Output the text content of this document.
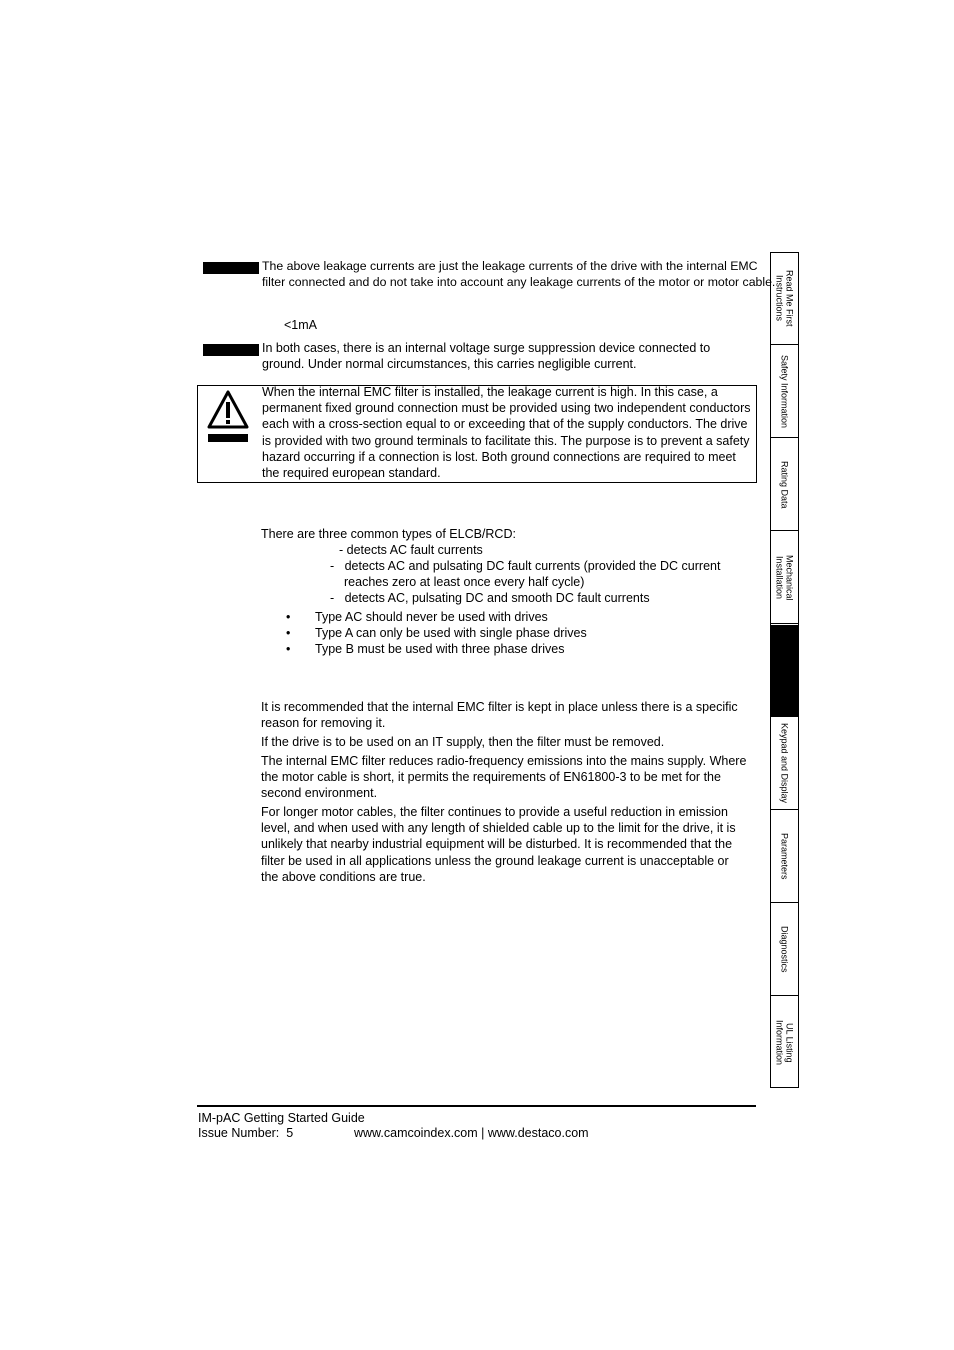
The above leakage currents are just the leakage currents of the drive with the internal EMC
filter connected and do not take into account any leakage currents of the motor or motor cable.
<1mA
In both cases, there is an internal voltage surge suppression device connected to
ground. Under normal circumstances, this carries negligible current.
When the internal EMC filter is installed, the leakage current is high. In this case, a
permanent fixed ground connection must be provided using two independent conductors
each with a cross-section equal to or exceeding that of the supply conductors. The drive
is provided with two ground terminals to facilitate this. The purpose is to prevent a safety
hazard occurring if a connection is lost. Both ground connections are required to meet
the required european standard.
There are three common types of ELCB/RCD:
- detects AC fault currents
-   detects AC and pulsating DC fault currents (provided the DC current
reaches zero at least once every half cycle)
-   detects AC, pulsating DC and smooth DC fault currents
• Type AC should never be used with drives
• Type A can only be used with single phase drives
• Type B must be used with three phase drives
It is recommended that the internal EMC filter is kept in place unless there is a specific
reason for removing it.
If the drive is to be used on an IT supply, then the filter must be removed.
The internal EMC filter reduces radio-frequency emissions into the mains supply. Where
the motor cable is short, it permits the requirements of EN61800-3 to be met for the
second environment.
For longer motor cables, the filter continues to provide a useful reduction in emission
level, and when used with any length of shielded cable up to the limit for the drive, it is
unlikely that nearby industrial equipment will be disturbed. It is recommended that the
filter be used in all applications unless the ground leakage current is unacceptable or
the above conditions are true.
Read Me First
Instructions
Safety Information
Rating Data
Mechanical
Installation
Keypad and Display
Parameters
Diagnostics
UL Listing
Information
IM-pAC Getting Started Guide
Issue Number:  5	www.camcoindex.com | www.destaco.com
